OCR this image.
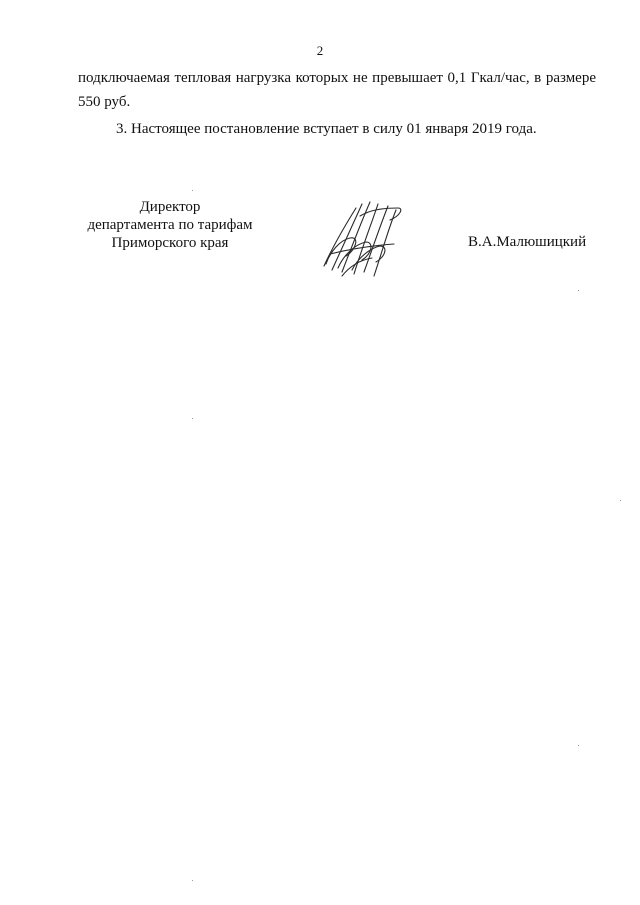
2
подключаемая тепловая нагрузка которых не превышает 0,1 Гкал/час, в размере
550 руб.
3. Настоящее постановление вступает в силу 01 января 2019 года.
Директор
департамента по тарифам
Приморского края	В.А.Малюшицкий
